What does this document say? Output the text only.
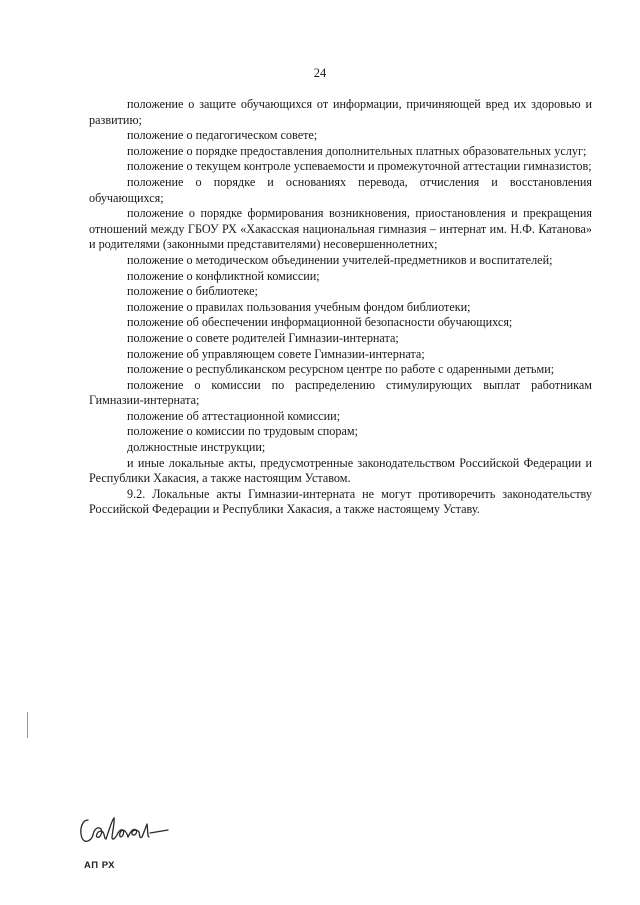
24

положение о защите обучающихся от информации, причиняющей вред их здоровью и развитию;

положение о педагогическом совете;

положение о порядке предоставления дополнительных платных образовательных услуг;

положение о текущем контроле успеваемости и промежуточной аттестации гимназистов;

положение о порядке и основаниях перевода, отчисления и восстановления обучающихся;

положение о порядке формирования возникновения, приостановления и прекращения отношений между ГБОУ РХ «Хакасская национальная гимназия – интернат им. Н.Ф. Катанова» и родителями (законными представителями) несовершеннолетних;

положение о методическом объединении учителей-предметников и воспитателей;

положение о конфликтной комиссии;

положение о библиотеке;

положение о правилах пользования учебным фондом библиотеки;

положение об обеспечении информационной безопасности обучающихся;

положение о совете родителей Гимназии-интерната;

положение об управляющем совете Гимназии-интерната;

положение о республиканском ресурсном центре по работе с одаренными детьми;

положение о комиссии по распределению стимулирующих выплат работникам Гимназии-интерната;

положение об аттестационной комиссии;

положение о комиссии по трудовым спорам;

должностные инструкции;

и иные локальные акты, предусмотренные законодательством Российской Федерации и Республики Хакасия, а также настоящим Уставом.

9.2. Локальные акты Гимназии-интерната не могут противоречить законодательству Российской Федерации и Республики Хакасия, а также настоящему Уставу.

АП РХ
